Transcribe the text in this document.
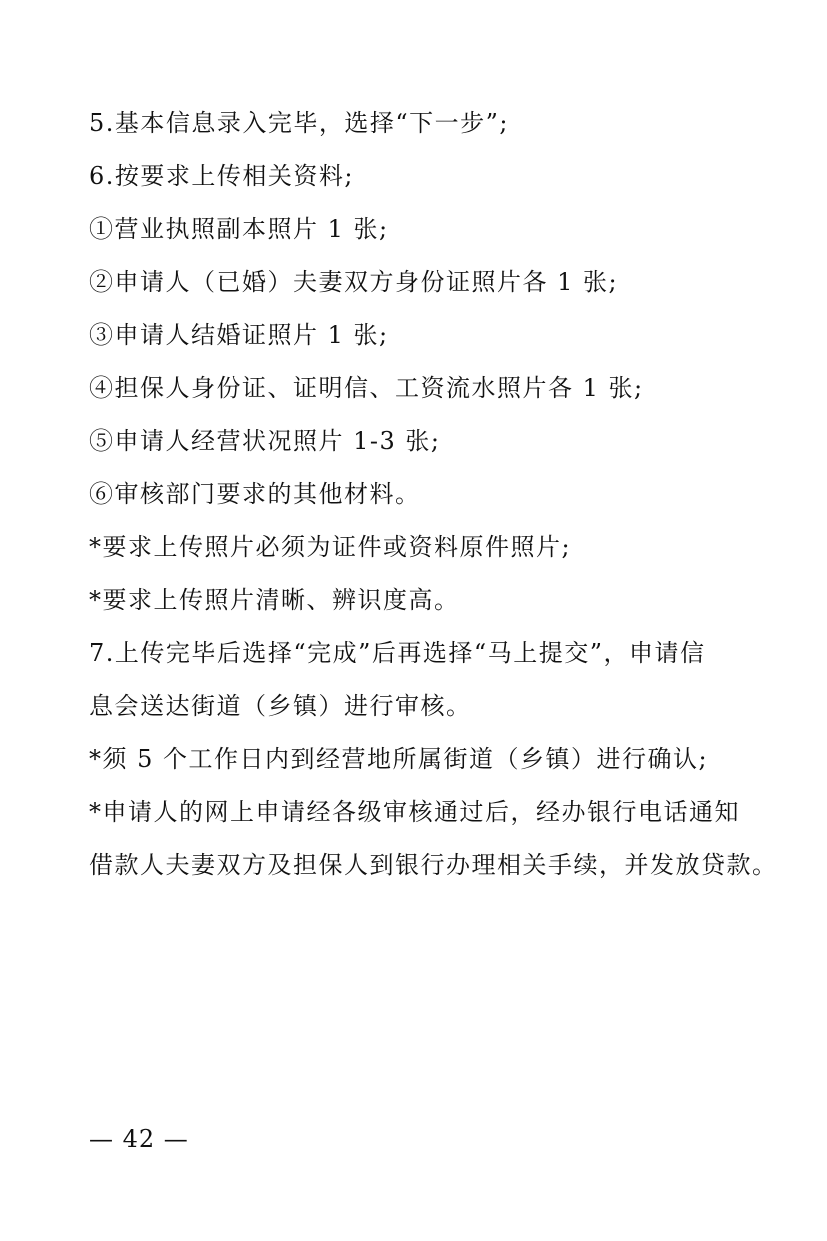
5.基本信息录入完毕，选择“下一步”;
6.按要求上传相关资料;
①营业执照副本照片 1 张;
②申请人（已婚）夫妻双方身份证照片各 1 张;
③申请人结婚证照片 1 张;
④担保人身份证、证明信、工资流水照片各 1 张;
⑤申请人经营状况照片 1-3 张;
⑥审核部门要求的其他材料。
*要求上传照片必须为证件或资料原件照片;
*要求上传照片清晰、辨识度高。
7.上传完毕后选择“完成”后再选择“马上提交”，申请信
息会送达街道（乡镇）进行审核。
*须 5 个工作日内到经营地所属街道（乡镇）进行确认;
*申请人的网上申请经各级审核通过后，经办银行电话通知
借款人夫妻双方及担保人到银行办理相关手续，并发放贷款。
— 42 —
